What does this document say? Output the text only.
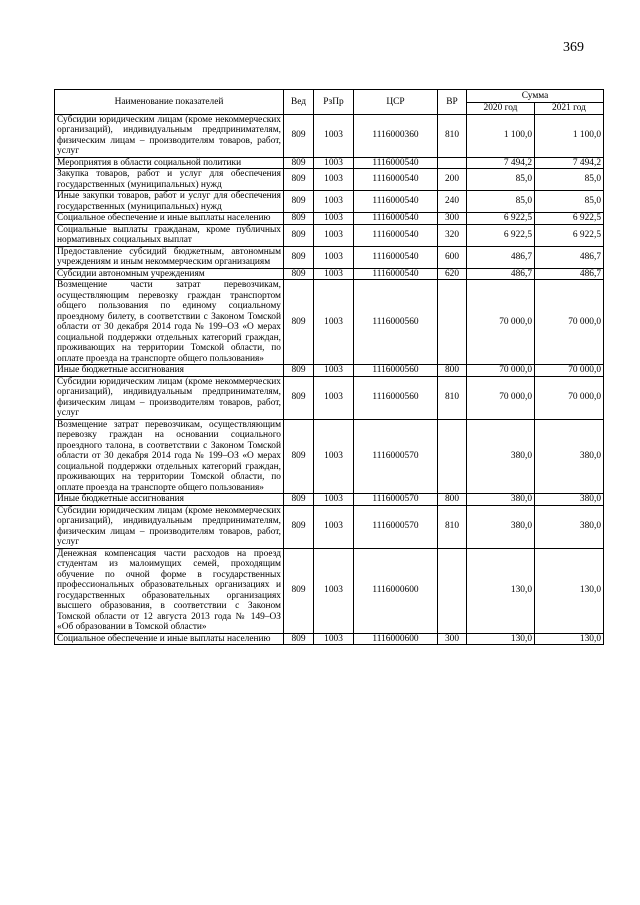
369
Наименование показателей	Вед	РзПр	ЦСР	ВР	Сумма	
					2020 год	2021 год
Субсидии юридическим лицам (кроме некоммерческих организаций), индивидуальным предпринимателям, физическим лицам – производителям товаров, работ, услуг	809	1003	1116000360	810	1 100,0	1 100,0
Мероприятия в области социальной политики	809	1003	1116000540		7 494,2	7 494,2
Закупка товаров, работ и услуг для обеспечения государственных (муниципальных) нужд	809	1003	1116000540	200	85,0	85,0
Иные закупки товаров, работ и услуг для обеспечения государственных (муниципальных) нужд	809	1003	1116000540	240	85,0	85,0
Социальное обеспечение и иные выплаты населению	809	1003	1116000540	300	6 922,5	6 922,5
Социальные выплаты гражданам, кроме публичных нормативных социальных выплат	809	1003	1116000540	320	6 922,5	6 922,5
Предоставление субсидий бюджетным, автономным учреждениям и иным некоммерческим организациям	809	1003	1116000540	600	486,7	486,7
Субсидии автономным учреждениям	809	1003	1116000540	620	486,7	486,7
Возмещение части затрат перевозчикам, осуществляющим перевозку граждан транспортом общего пользования по единому социальному проездному билету, в соответствии с Законом Томской области от 30 декабря 2014 года № 199–ОЗ «О мерах социальной поддержки отдельных категорий граждан, проживающих на территории Томской области, по оплате проезда на транспорте общего пользования»	809	1003	1116000560		70 000,0	70 000,0
Иные бюджетные ассигнования	809	1003	1116000560	800	70 000,0	70 000,0
Субсидии юридическим лицам (кроме некоммерческих организаций), индивидуальным предпринимателям, физическим лицам – производителям товаров, работ, услуг	809	1003	1116000560	810	70 000,0	70 000,0
Возмещение затрат перевозчикам, осуществляющим перевозку граждан на основании социального проездного талона, в соответствии с Законом Томской области от 30 декабря 2014 года № 199–ОЗ «О мерах социальной поддержки отдельных категорий граждан, проживающих на территории Томской области, по оплате проезда на транспорте общего пользования»	809	1003	1116000570		380,0	380,0
Иные бюджетные ассигнования	809	1003	1116000570	800	380,0	380,0
Субсидии юридическим лицам (кроме некоммерческих организаций), индивидуальным предпринимателям, физическим лицам – производителям товаров, работ, услуг	809	1003	1116000570	810	380,0	380,0
Денежная компенсация части расходов на проезд студентам из малоимущих семей, проходящим обучение по очной форме в государственных профессиональных образовательных организациях и государственных образовательных организациях высшего образования, в соответствии с Законом Томской области от 12 августа 2013 года № 149–ОЗ «Об образовании в Томской области»	809	1003	1116000600		130,0	130,0
Социальное обеспечение и иные выплаты населению	809	1003	1116000600	300	130,0	130,0
